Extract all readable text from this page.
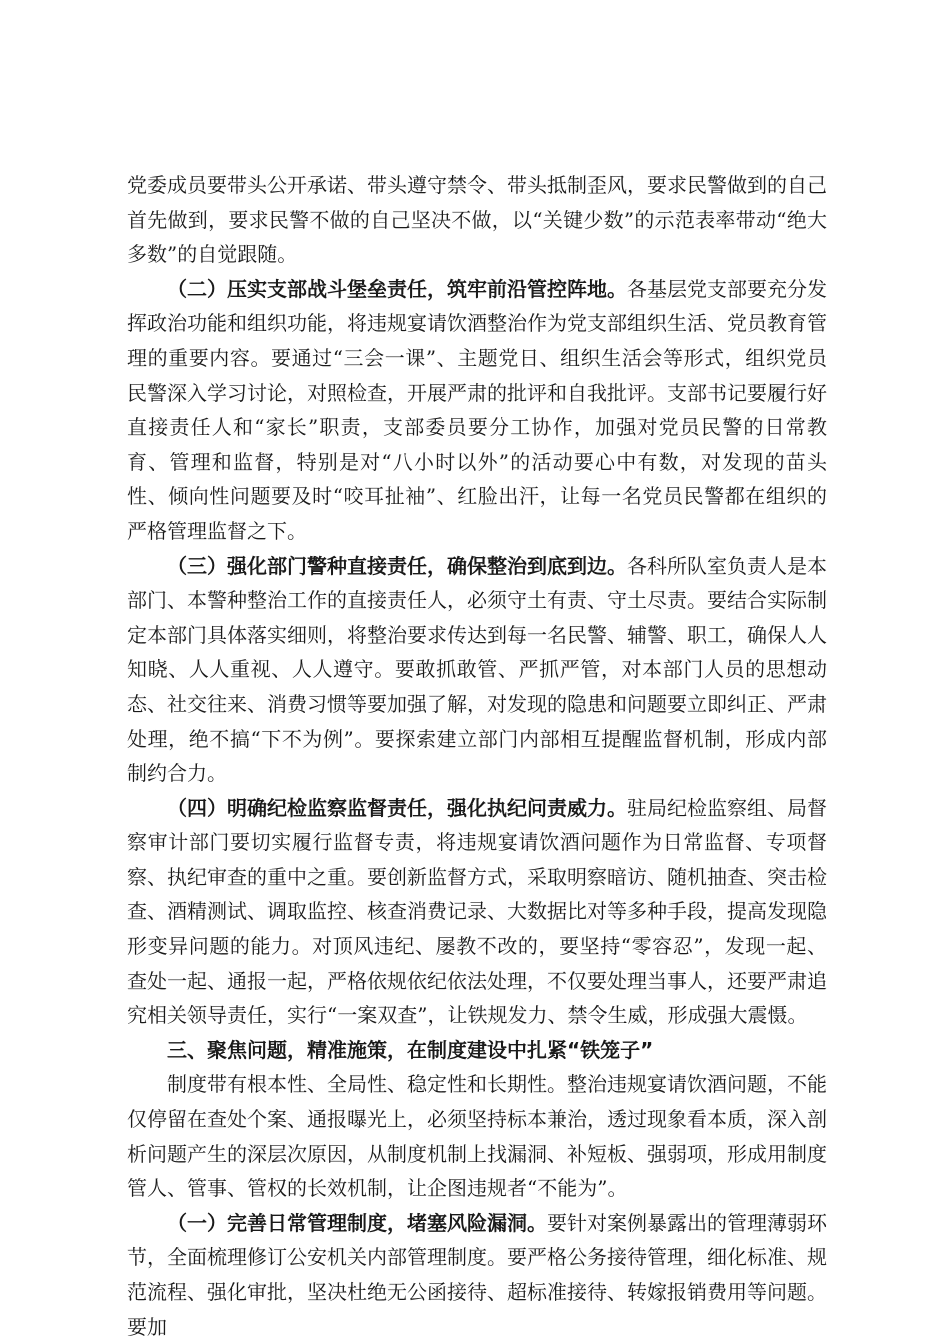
党委成员要带头公开承诺、带头遵守禁令、带头抵制歪风，要求民警做到的自己首先做到，要求民警不做的自己坚决不做，以“关键少数”的示范表率带动“绝大多数”的自觉跟随。

（二）压实支部战斗堡垒责任，筑牢前沿管控阵地。各基层党支部要充分发挥政治功能和组织功能，将违规宴请饮酒整治作为党支部组织生活、党员教育管理的重要内容。要通过“三会一课”、主题党日、组织生活会等形式，组织党员民警深入学习讨论，对照检查，开展严肃的批评和自我批评。支部书记要履行好直接责任人和“家长”职责，支部委员要分工协作，加强对党员民警的日常教育、管理和监督，特别是对“八小时以外”的活动要心中有数，对发现的苗头性、倾向性问题要及时“咬耳扯袖”、红脸出汗，让每一名党员民警都在组织的严格管理监督之下。

（三）强化部门警种直接责任，确保整治到底到边。各科所队室负责人是本部门、本警种整治工作的直接责任人，必须守土有责、守土尽责。要结合实际制定本部门具体落实细则，将整治要求传达到每一名民警、辅警、职工，确保人人知晓、人人重视、人人遵守。要敢抓敢管、严抓严管，对本部门人员的思想动态、社交往来、消费习惯等要加强了解，对发现的隐患和问题要立即纠正、严肃处理，绝不搞“下不为例”。要探索建立部门内部相互提醒监督机制，形成内部制约合力。

（四）明确纪检监察监督责任，强化执纪问责威力。驻局纪检监察组、局督察审计部门要切实履行监督专责，将违规宴请饮酒问题作为日常监督、专项督察、执纪审查的重中之重。要创新监督方式，采取明察暗访、随机抽查、突击检查、酒精测试、调取监控、核查消费记录、大数据比对等多种手段，提高发现隐形变异问题的能力。对顶风违纪、屡教不改的，要坚持“零容忍”，发现一起、查处一起、通报一起，严格依规依纪依法处理，不仅要处理当事人，还要严肃追究相关领导责任，实行“一案双查”，让铁规发力、禁令生威，形成强大震慑。

三、聚焦问题，精准施策，在制度建设中扎紧“铁笼子”

制度带有根本性、全局性、稳定性和长期性。整治违规宴请饮酒问题，不能仅停留在查处个案、通报曝光上，必须坚持标本兼治，透过现象看本质，深入剖析问题产生的深层次原因，从制度机制上找漏洞、补短板、强弱项，形成用制度管人、管事、管权的长效机制，让企图违规者“不能为”。

（一）完善日常管理制度，堵塞风险漏洞。要针对案例暴露出的管理薄弱环节，全面梳理修订公安机关内部管理制度。要严格公务接待管理，细化标准、规范流程、强化审批，坚决杜绝无公函接待、超标准接待、转嫁报销费用等问题。要加
